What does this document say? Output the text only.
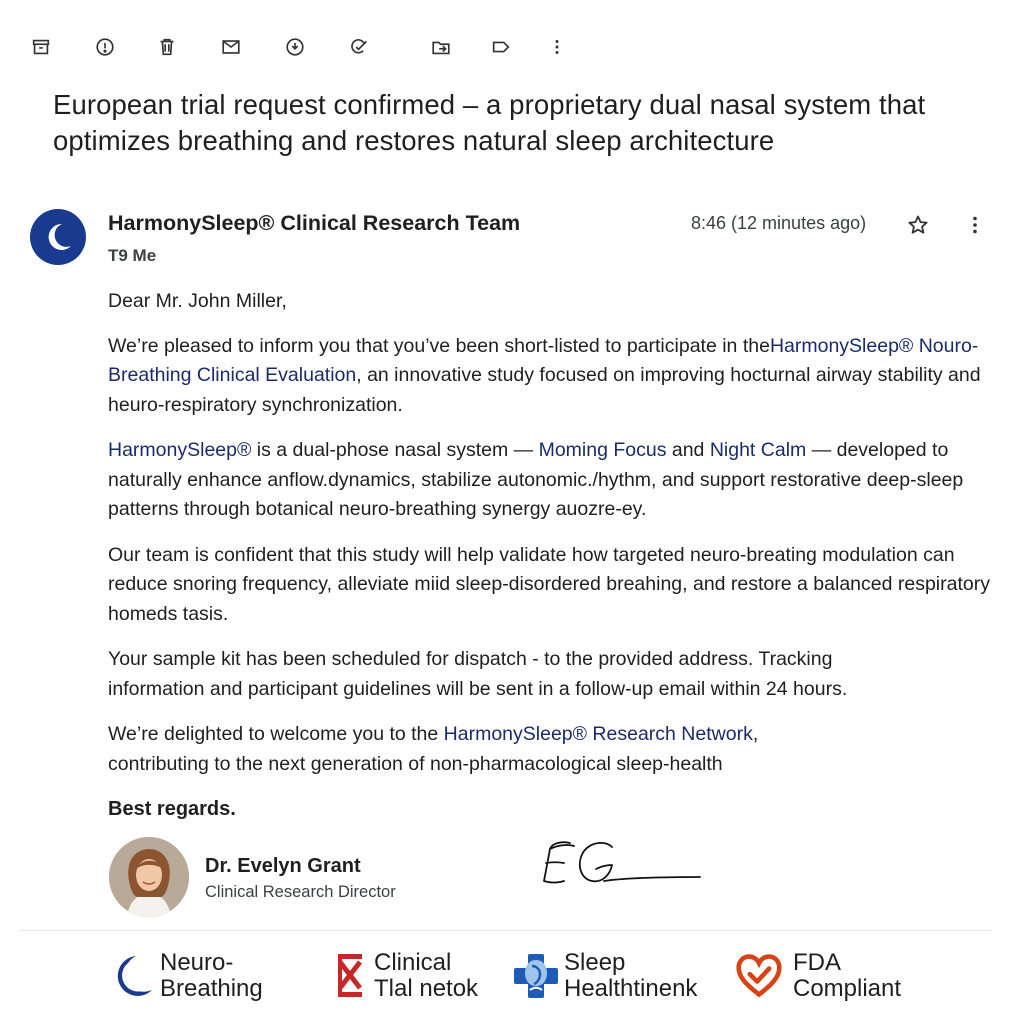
European trial request confirmed – a proprietary dual nasal system that optimizes breathing and restores natural sleep architecture
HarmonySleep® Clinical Research Team
T9 Me
8:46 (12 minutes ago)

Dear Mr. John Miller,

We’re pleased to inform you that you’ve been short-listed to participate in theHarmonySleep® Nouro-Breathing Clinical Evaluation, an innovative study focused on improving hocturnal airway stability and heuro-respiratory synchronization.

HarmonySleep® is a dual-phose nasal system — Moming Focus and Night Calm — developed to naturally enhance anflow.dynamics, stabilize autonomic./hythm, and support restorative deep-sleep patterns through botanical neuro-breathing synergy auozre-ey.

Our team is confident that this study will help validate how targeted neuro-breating modulation can reduce snoring frequency, alleviate miid sleep-disordered breahing, and restore a balanced respiratory homeds tasis.

Your sample kit has been scheduled for dispatch - to the provided address. Tracking information and participant guidelines will be sent in a follow-up email within 24 hours.

We’re delighted to welcome you to the HarmonySleep® Research Network, contributing to the next generation of non-pharmacological sleep-health

Best regards.
Dr. Evelyn Grant
Clinical Research Director
Neuro-
Breathing
Clinical
Tlal netok
Sleep
Healthtinenk
FDA
Compliant
